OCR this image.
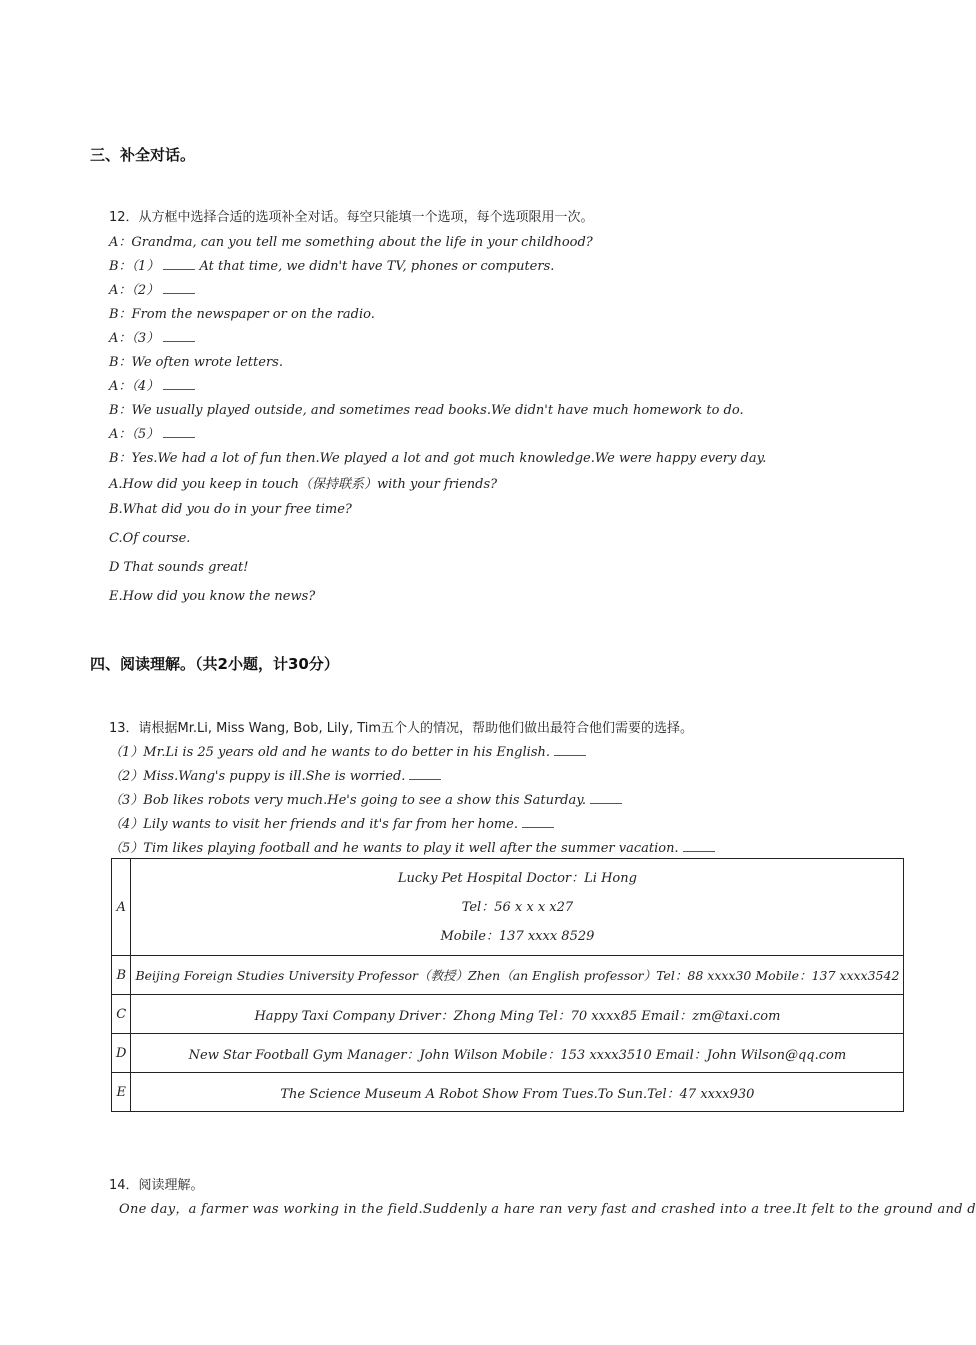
三、补全对话。
12．从方框中选择合适的选项补全对话。每空只能填一个选项，每个选项限用一次。
A：Grandma, can you tell me something about the life in your childhood?
B：（1）	At that time, we didn't have TV, phones or computers.
A：（2）
B：From the newspaper or on the radio.
A：（3）
B：We often wrote letters.
A：（4）
B：We usually played outside, and sometimes read books.We didn't have much homework to do.
A：（5）
B：Yes.We had a lot of fun then.We played a lot and got much knowledge.We were happy every day.
A.How did you keep in touch（保持联系）with your friends?
B.What did you do in your free time?
C.Of course.
D That sounds great!
E.How did you know the news?
四、阅读理解。（共2小题，计30分）
13．请根据Mr.Li, Miss Wang, Bob, Lily, Tim五个人的情况，帮助他们做出最符合他们需要的选择。
（1）Mr.Li is 25 years old and he wants to do better in his English.
（2）Miss.Wang's puppy is ill.She is worried.
（3）Bob likes robots very much.He's going to see a show this Saturday.
（4）Lily wants to visit her friends and it's far from her home.
（5）Tim likes playing football and he wants to play it well after the summer vacation.
A	Lucky Pet Hospital Doctor：Li Hong
Tel：56 x x x x27
Mobile：137 xxxx 8529

B	Beijing Foreign Studies University Professor（教授）Zhen（an English professor）Tel：88 xxxx30 Mobile：137 xxxx3542
C	Happy Taxi Company Driver：Zhong Ming Tel：70 xxxx85 Email：zm@taxi.com
D	New Star Football Gym Manager：John Wilson Mobile：153 xxxx3510 Email：John Wilson@qq.com
E	The Science Museum A Robot Show From Tues.To Sun.Tel：47 xxxx930
14．阅读理解。
One day，a farmer was working in the field.Suddenly a hare ran very fast and crashed into a tree.It felt to the ground and d
